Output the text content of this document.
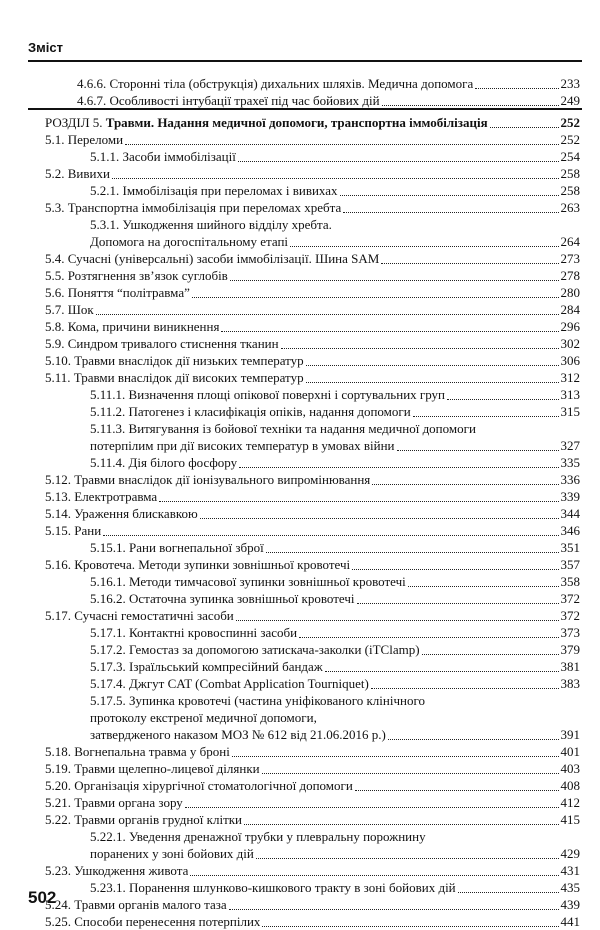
Зміст
4.6.6. Сторонні тіла (обструкція) дихальних шляхів. Медична допомога	233
4.6.7. Особливості інтубації трахеї під час бойових дій	249
РОЗДІЛ 5. Травми. Надання медичної допомоги, транспортна іммобілізація	252
5.1. Переломи	252
5.1.1. Засоби іммобілізації	254
5.2. Вивихи	258
5.2.1. Іммобілізація при переломах і вивихах	258
5.3. Транспортна іммобілізація при переломах хребта	263
5.3.1. Ушкодження шийного відділу хребта.
Допомога на догоспітальному етапі	264
5.4. Сучасні (універсальні) засоби іммобілізації. Шина SAM	273
5.5. Розтягнення зв’язок суглобів	278
5.6. Поняття “політравма”	280
5.7. Шок	284
5.8. Кома, причини виникнення	296
5.9. Синдром тривалого стиснення тканин	302
5.10. Травми внаслідок дії низьких температур	306
5.11. Травми внаслідок дії високих температур	312
5.11.1. Визначення площі опікової поверхні і сортувальних груп	313
5.11.2. Патогенез і класифікація опіків, надання допомоги	315
5.11.3. Витягування із бойової техніки та надання медичної допомоги
потерпілим при дії високих температур в умовах війни	327
5.11.4. Дія білого фосфору	335
5.12. Травми внаслідок дії іонізувального випромінювання	336
5.13. Електротравма	339
5.14. Ураження блискавкою	344
5.15. Рани	346
5.15.1. Рани вогнепальної зброї	351
5.16. Кровотеча. Методи зупинки зовнішньої кровотечі	357
5.16.1. Методи тимчасової зупинки зовнішньої кровотечі	358
5.16.2. Остаточна зупинка зовнішньої кровотечі	372
5.17. Сучасні гемостатичні засоби	372
5.17.1. Контактні кровоспинні засоби	373
5.17.2. Гемостаз за допомогою затискача-заколки (iTClamp)	379
5.17.3. Ізраїльський компресійний бандаж	381
5.17.4. Джгут CAT (Combat Application Tourniquet)	383
5.17.5. Зупинка кровотечі (частина уніфікованого клінічного
протоколу екстреної медичної допомоги,
затвердженого наказом МОЗ № 612 від 21.06.2016 р.)	391
5.18. Вогнепальна травма у броні	401
5.19. Травми щелепно-лицевої ділянки	403
5.20. Організація хірургічної стоматологічної допомоги	408
5.21. Травми органа зору	412
5.22. Травми органів грудної клітки	415
5.22.1. Уведення дренажної трубки у плевральну порожнину
поранених у зоні бойових дій	429
5.23. Ушкодження живота	431
5.23.1. Поранення шлунково-кишкового тракту в зоні бойових дій	435
5.24. Травми органів малого таза	439
5.25. Способи перенесення потерпілих	441
502
